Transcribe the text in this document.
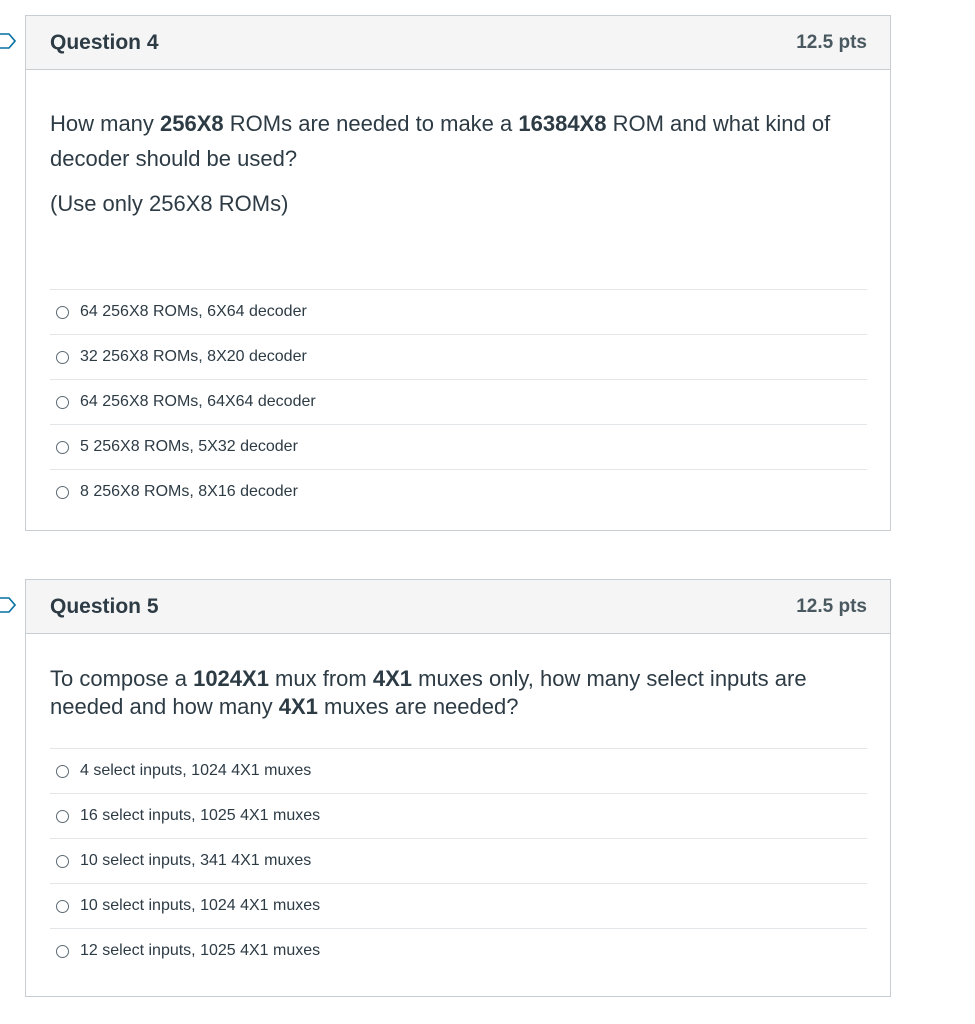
Question 4	12.5 pts
How many 256X8 ROMs are needed to make a 16384X8 ROM and what kind of decoder should be used?
(Use only 256X8 ROMs)
64 256X8 ROMs, 6X64 decoder
32 256X8 ROMs, 8X20 decoder
64 256X8 ROMs, 64X64 decoder
5 256X8 ROMs, 5X32 decoder
8 256X8 ROMs, 8X16 decoder
Question 5	12.5 pts
To compose a 1024X1 mux from 4X1 muxes only, how many select inputs are needed and how many 4X1 muxes are needed?
4 select inputs, 1024 4X1 muxes
16 select inputs, 1025 4X1 muxes
10 select inputs, 341 4X1 muxes
10 select inputs, 1024 4X1 muxes
12 select inputs, 1025 4X1 muxes
